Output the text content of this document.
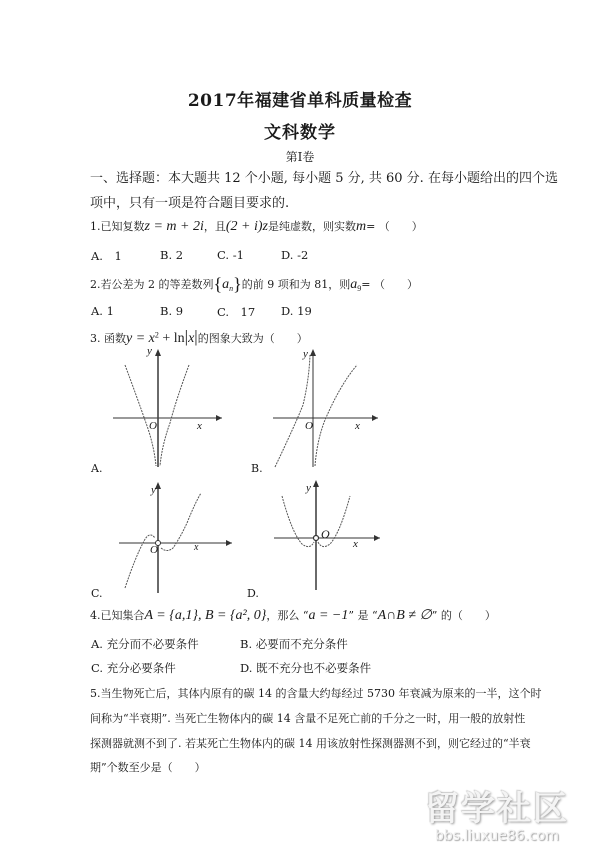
2017年福建省单科质量检查
文科数学
第I卷
一、选择题：本大题共 12 个小题, 每小题 5 分, 共 60 分. 在每小题给出的四个选
项中，只有一项是符合题目要求的.
1.已知复数z = m + 2i，且(2 + i)z是纯虚数，则实数m= （　　）
A.　1	B. 2	C. -1	D. -2
2.若公差为 2 的等差数列$\{a_n\}$的前 9 项和为 81，则$a_9=$ （　　）
A. 1	B. 9	C.　17 D. 19
3. 函数$y = x^2 + \ln|x|$的图象大致为（　　）
y
x
O
A.
y
x
O
B.
y
x
O
C.
y
x
O
D.
4.已知集合A = {a,1}, B = {a², 0}，那么 “a = −1” 是 “A∩B ≠ ∅” 的（　　）
A. 充分而不必要条件	B. 必要而不充分条件
C. 充分必要条件	D. 既不充分也不必要条件
5.当生物死亡后，其体内原有的碳 14 的含量大约每经过 5730 年衰减为原来的一半，这个时
间称为“半衰期”. 当死亡生物体内的碳 14 含量不足死亡前的千分之一时，用一般的放射性
探测器就测不到了. 若某死亡生物体内的碳 14 用该放射性探测器测不到，则它经过的“半衰
期”个数至少是（　　）
留学社区
bbs.liuxue86.com
